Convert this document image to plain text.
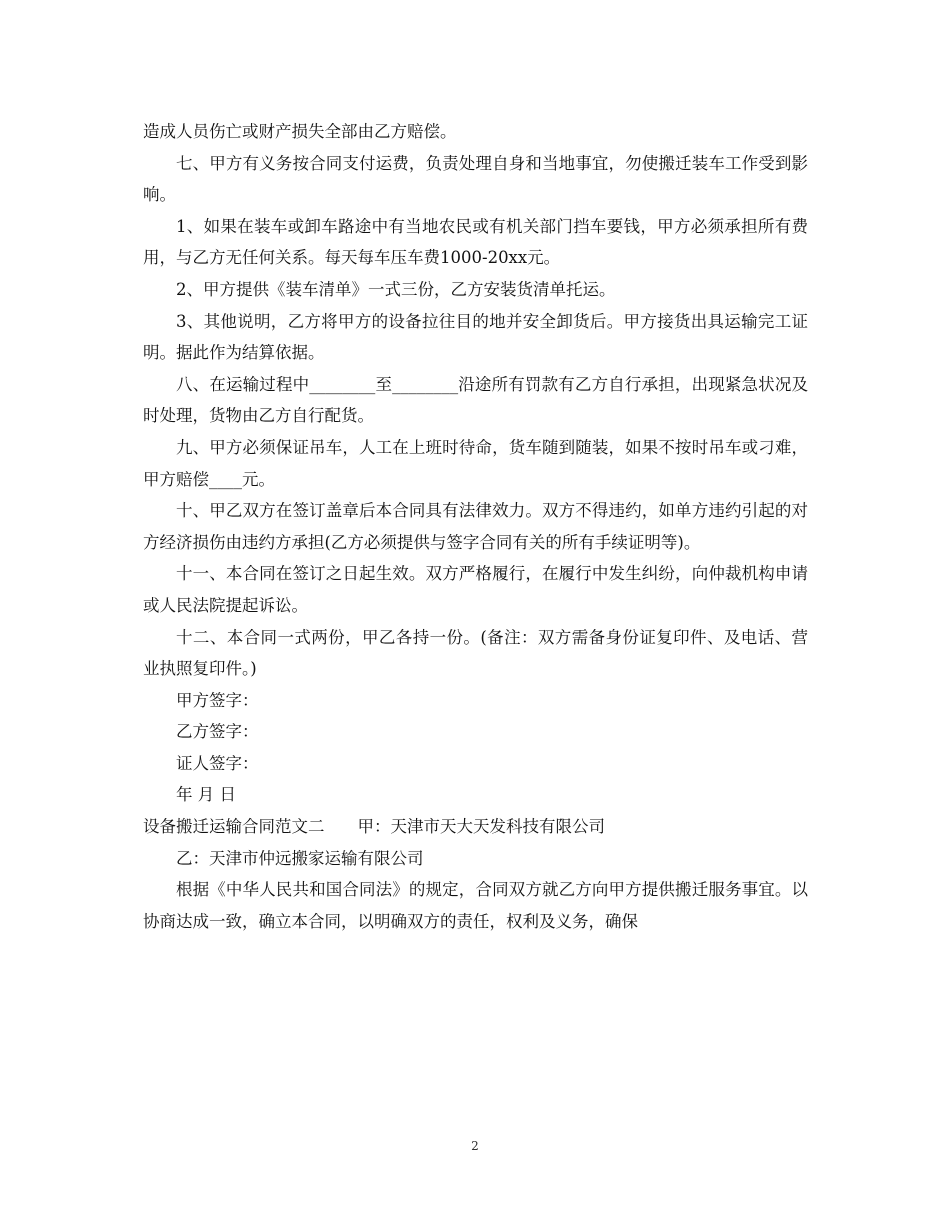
造成人员伤亡或财产损失全部由乙方赔偿。

七、甲方有义务按合同支付运费，负责处理自身和当地事宜，勿使搬迁装车工作受到影响。

1、如果在装车或卸车路途中有当地农民或有机关部门挡车要钱，甲方必须承担所有费用，与乙方无任何关系。每天每车压车费1000-20xx元。

2、甲方提供《装车清单》一式三份，乙方安装货清单托运。

3、其他说明，乙方将甲方的设备拉往目的地并安全卸货后。甲方接货出具运输完工证明。据此作为结算依据。

八、在运输过程中________至________沿途所有罚款有乙方自行承担，出现紧急状况及时处理，货物由乙方自行配货。

九、甲方必须保证吊车，人工在上班时待命，货车随到随装，如果不按时吊车或刁难，甲方赔偿____元。

十、甲乙双方在签订盖章后本合同具有法律效力。双方不得违约，如单方违约引起的对方经济损伤由违约方承担(乙方必须提供与签字合同有关的所有手续证明等)。

十一、本合同在签订之日起生效。双方严格履行，在履行中发生纠纷，向仲裁机构申请或人民法院提起诉讼。

十二、本合同一式两份，甲乙各持一份。(备注：双方需备身份证复印件、及电话、营业执照复印件。)

甲方签字：

乙方签字：

证人签字：

年 月 日

设备搬迁运输合同范文二　　甲：天津市天大天发科技有限公司

乙：天津市仲远搬家运输有限公司

根据《中华人民共和国合同法》的规定，合同双方就乙方向甲方提供搬迁服务事宜。以协商达成一致，确立本合同，以明确双方的责任，权利及义务，确保

2
